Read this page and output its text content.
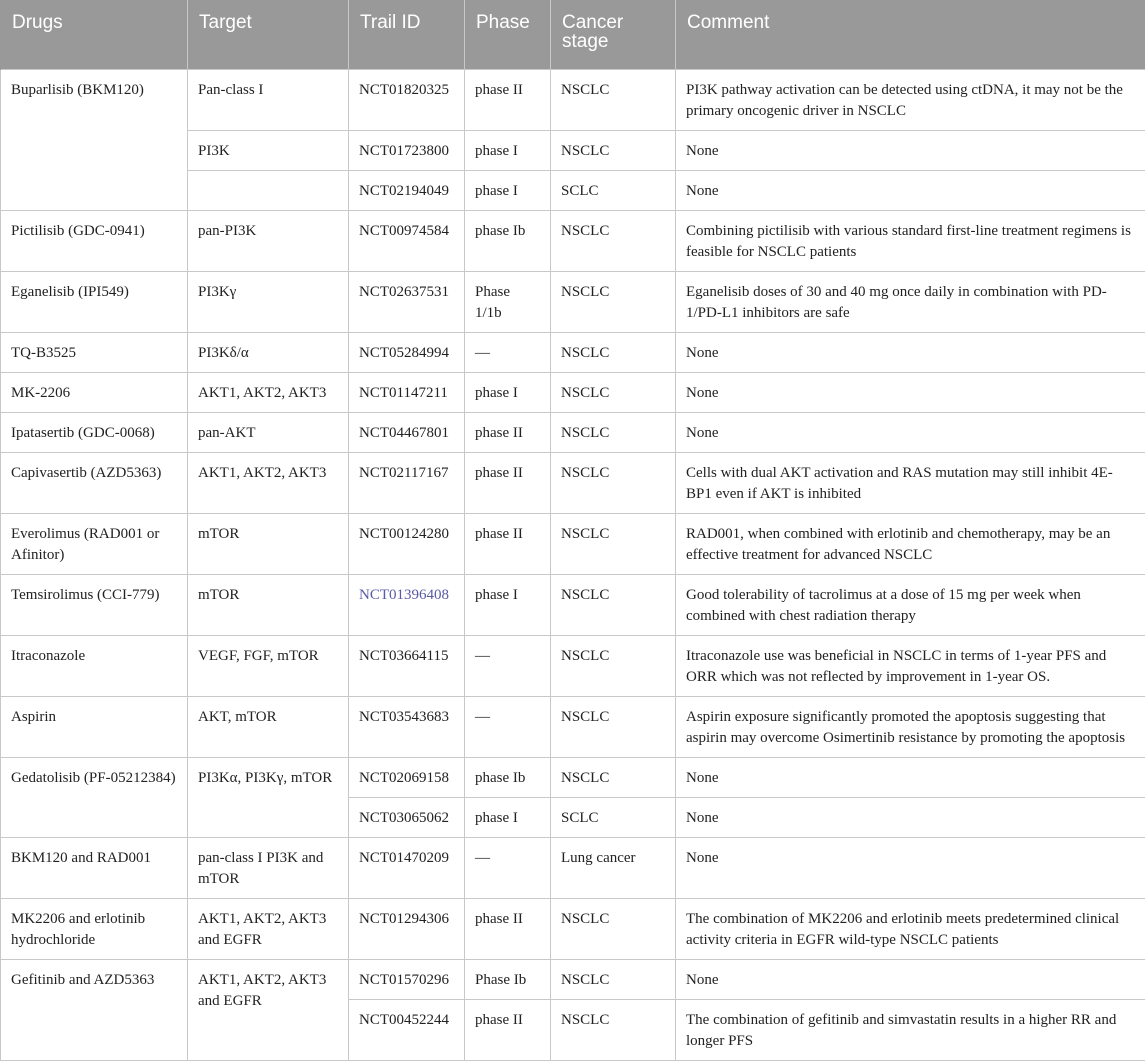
Drugs	Target	Trail ID	Phase	Cancer stage	Comment
Buparlisib (BKM120)	Pan-class I	NCT01820325	phase II	NSCLC	PI3K pathway activation can be detected using ctDNA, it may not be the primary oncogenic driver in NSCLC
	PI3K	NCT01723800	phase I	NSCLC	None
		NCT02194049	phase I	SCLC	None
Pictilisib (GDC-0941)	pan-PI3K	NCT00974584	phase Ib	NSCLC	Combining pictilisib with various standard first-line treatment regimens is feasible for NSCLC patients
Eganelisib (IPI549)	PI3Kγ	NCT02637531	Phase 1/1b	NSCLC	Eganelisib doses of 30 and 40 mg once daily in combination with PD-1/PD-L1 inhibitors are safe
TQ-B3525	PI3Kδ/α	NCT05284994	—	NSCLC	None
MK-2206	AKT1, AKT2, AKT3	NCT01147211	phase I	NSCLC	None
Ipatasertib (GDC-0068)	pan-AKT	NCT04467801	phase II	NSCLC	None
Capivasertib (AZD5363)	AKT1, AKT2, AKT3	NCT02117167	phase II	NSCLC	Cells with dual AKT activation and RAS mutation may still inhibit 4E-BP1 even if AKT is inhibited
Everolimus (RAD001 or Afinitor)	mTOR	NCT00124280	phase II	NSCLC	RAD001, when combined with erlotinib and chemotherapy, may be an effective treatment for advanced NSCLC
Temsirolimus (CCI-779)	mTOR	NCT01396408	phase I	NSCLC	Good tolerability of tacrolimus at a dose of 15 mg per week when combined with chest radiation therapy
Itraconazole	VEGF, FGF, mTOR	NCT03664115	—	NSCLC	Itraconazole use was beneficial in NSCLC in terms of 1-year PFS and ORR which was not reflected by improvement in 1-year OS.
Aspirin	AKT, mTOR	NCT03543683	—	NSCLC	Aspirin exposure significantly promoted the apoptosis suggesting that aspirin may overcome Osimertinib resistance by promoting the apoptosis
Gedatolisib (PF-05212384)	PI3Kα, PI3Kγ, mTOR	NCT02069158	phase Ib	NSCLC	None
		NCT03065062	phase I	SCLC	None
BKM120 and RAD001	pan-class I PI3K and mTOR	NCT01470209	—	Lung cancer	None
MK2206 and erlotinib hydrochloride	AKT1, AKT2, AKT3 and EGFR	NCT01294306	phase II	NSCLC	The combination of MK2206 and erlotinib meets predetermined clinical activity criteria in EGFR wild-type NSCLC patients
Gefitinib and AZD5363	AKT1, AKT2, AKT3 and EGFR	NCT01570296	Phase Ib	NSCLC	None
		NCT00452244	phase II	NSCLC	The combination of gefitinib and simvastatin results in a higher RR and longer PFS
